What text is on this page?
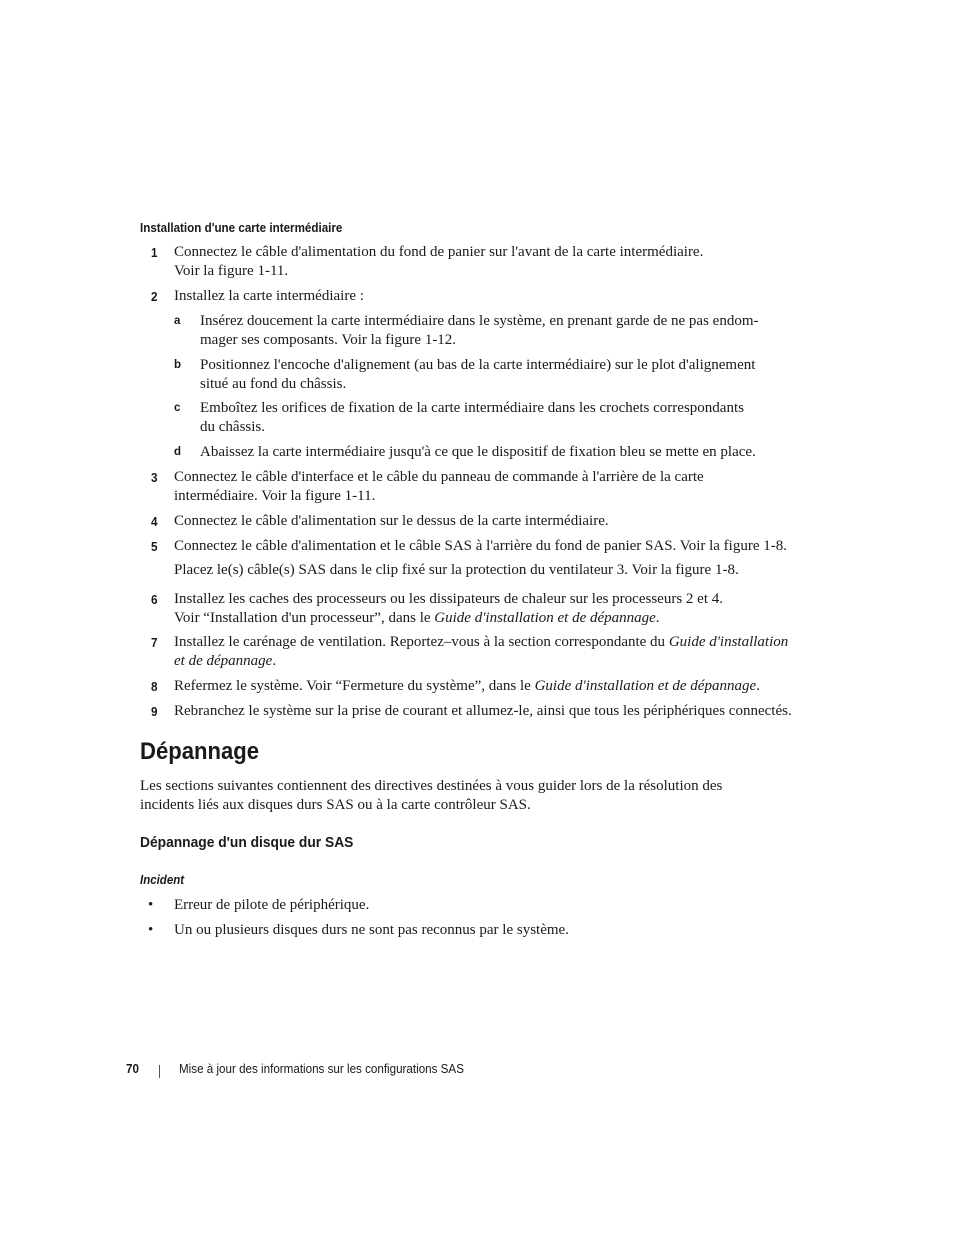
Installation d'une carte intermédiaire
1	Connectez le câble d'alimentation du fond de panier sur l'avant de la carte intermédiaire.
Voir la figure 1-11.
2	Installez la carte intermédiaire :
a	Insérez doucement la carte intermédiaire dans le système, en prenant garde de ne pas endom-
mager ses composants. Voir la figure 1-12.
b	Positionnez l'encoche d'alignement (au bas de la carte intermédiaire) sur le plot d'alignement
situé au fond du châssis.
c	Emboîtez les orifices de fixation de la carte intermédiaire dans les crochets correspondants
du châssis.
d	Abaissez la carte intermédiaire jusqu'à ce que le dispositif de fixation bleu se mette en place.
3	Connectez le câble d'interface et le câble du panneau de commande à l'arrière de la carte
intermédiaire. Voir la figure 1-11.
4	Connectez le câble d'alimentation sur le dessus de la carte intermédiaire.
5	Connectez le câble d'alimentation et le câble SAS à l'arrière du fond de panier SAS. Voir la figure 1-8.
Placez le(s) câble(s) SAS dans le clip fixé sur la protection du ventilateur 3. Voir la figure 1-8.
6	Installez les caches des processeurs ou les dissipateurs de chaleur sur les processeurs 2 et 4.
Voir “Installation d'un processeur”, dans le Guide d'installation et de dépannage.
7	Installez le carénage de ventilation. Reportez–vous à la section correspondante du Guide d'installation
et de dépannage.
8	Refermez le système. Voir “Fermeture du système”, dans le Guide d'installation et de dépannage.
9	Rebranchez le système sur la prise de courant et allumez-le, ainsi que tous les périphériques connectés.
Dépannage
Les sections suivantes contiennent des directives destinées à vous guider lors de la résolution des
incidents liés aux disques durs SAS ou à la carte contrôleur SAS.
Dépannage d'un disque dur SAS
Incident
• Erreur de pilote de périphérique.
• Un ou plusieurs disques durs ne sont pas reconnus par le système.
70	Mise à jour des informations sur les configurations SAS
